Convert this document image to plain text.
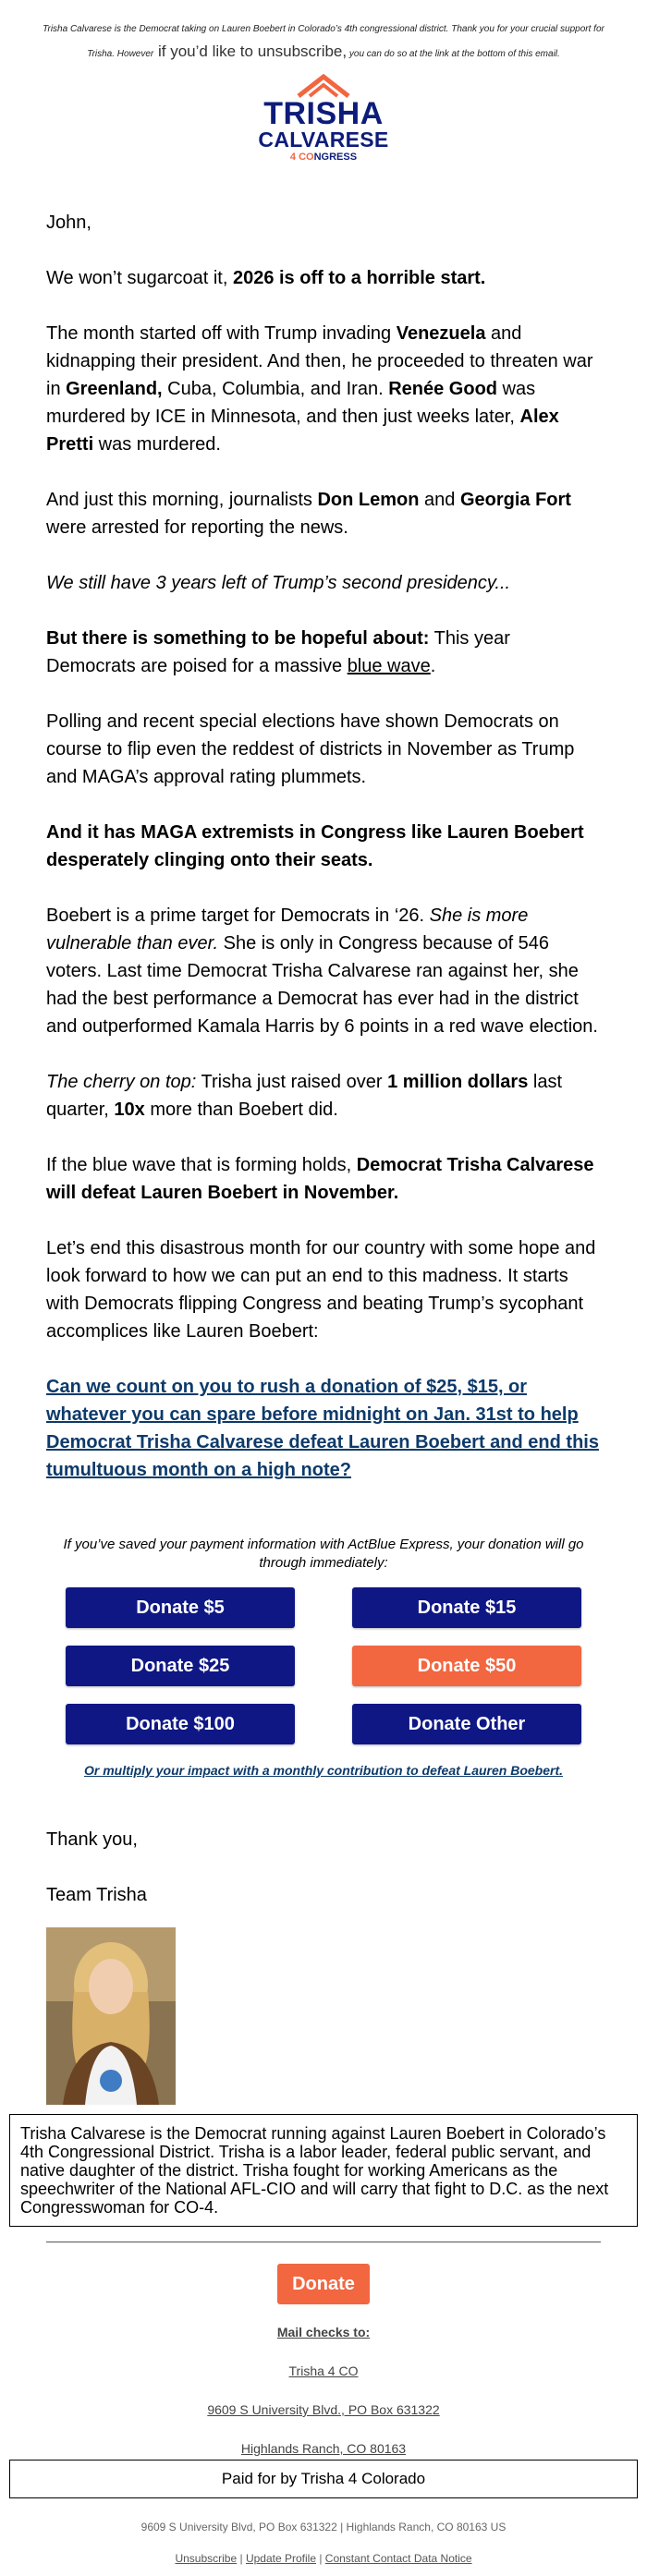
Trisha Calvarese is the Democrat taking on Lauren Boebert in Colorado’s 4th congressional district. Thank you for your crucial support for Trisha. However if you’d like to unsubscribe, you can do so at the link at the bottom of this email.
TRISHA
CALVARESE
4 CONGRESS

John,

We won’t sugarcoat it, 2026 is off to a horrible start.

The month started off with Trump invading Venezuela and kidnapping their president. And then, he proceeded to threaten war in Greenland, Cuba, Columbia, and Iran. Renée Good was murdered by ICE in Minnesota, and then just weeks later, Alex Pretti was murdered.

And just this morning, journalists Don Lemon and Georgia Fort were arrested for reporting the news.

We still have 3 years left of Trump’s second presidency...

But there is something to be hopeful about: This year Democrats are poised for a massive blue wave.

Polling and recent special elections have shown Democrats on course to flip even the reddest of districts in November as Trump and MAGA’s approval rating plummets.

And it has MAGA extremists in Congress like Lauren Boebert desperately clinging onto their seats.

Boebert is a prime target for Democrats in ‘26. She is more vulnerable than ever. She is only in Congress because of 546 voters. Last time Democrat Trisha Calvarese ran against her, she had the best performance a Democrat has ever had in the district and outperformed Kamala Harris by 6 points in a red wave election.

The cherry on top: Trisha just raised over 1 million dollars last quarter, 10x more than Boebert did.

If the blue wave that is forming holds, Democrat Trisha Calvarese will defeat Lauren Boebert in November.

Let’s end this disastrous month for our country with some hope and look forward to how we can put an end to this madness. It starts with Democrats flipping Congress and beating Trump’s sycophant accomplices like Lauren Boebert:

Can we count on you to rush a donation of $25, $15, or whatever you can spare before midnight on Jan. 31st to help Democrat Trisha Calvarese defeat Lauren Boebert and end this tumultuous month on a high note?

If you’ve saved your payment information with ActBlue Express, your donation will go through immediately:
Donate $5	Donate $15
Donate $25	Donate $50
Donate $100	Donate Other
Or multiply your impact with a monthly contribution to defeat Lauren Boebert.
Thank you,
Team Trisha
Trisha Calvarese is the Democrat running against Lauren Boebert in Colorado’s 4th Congressional District. Trisha is a labor leader, federal public servant, and native daughter of the district. Trisha fought for working Americans as the speechwriter of the National AFL-CIO and will carry that fight to D.C. as the next Congresswoman for CO-4.
Donate
Mail checks to:
Trisha 4 CO
9609 S University Blvd., PO Box 631322
Highlands Ranch, CO 80163
Paid for by Trisha 4 Colorado
9609 S University Blvd, PO Box 631322 | Highlands Ranch, CO 80163 US
Unsubscribe | Update Profile | Constant Contact Data Notice
